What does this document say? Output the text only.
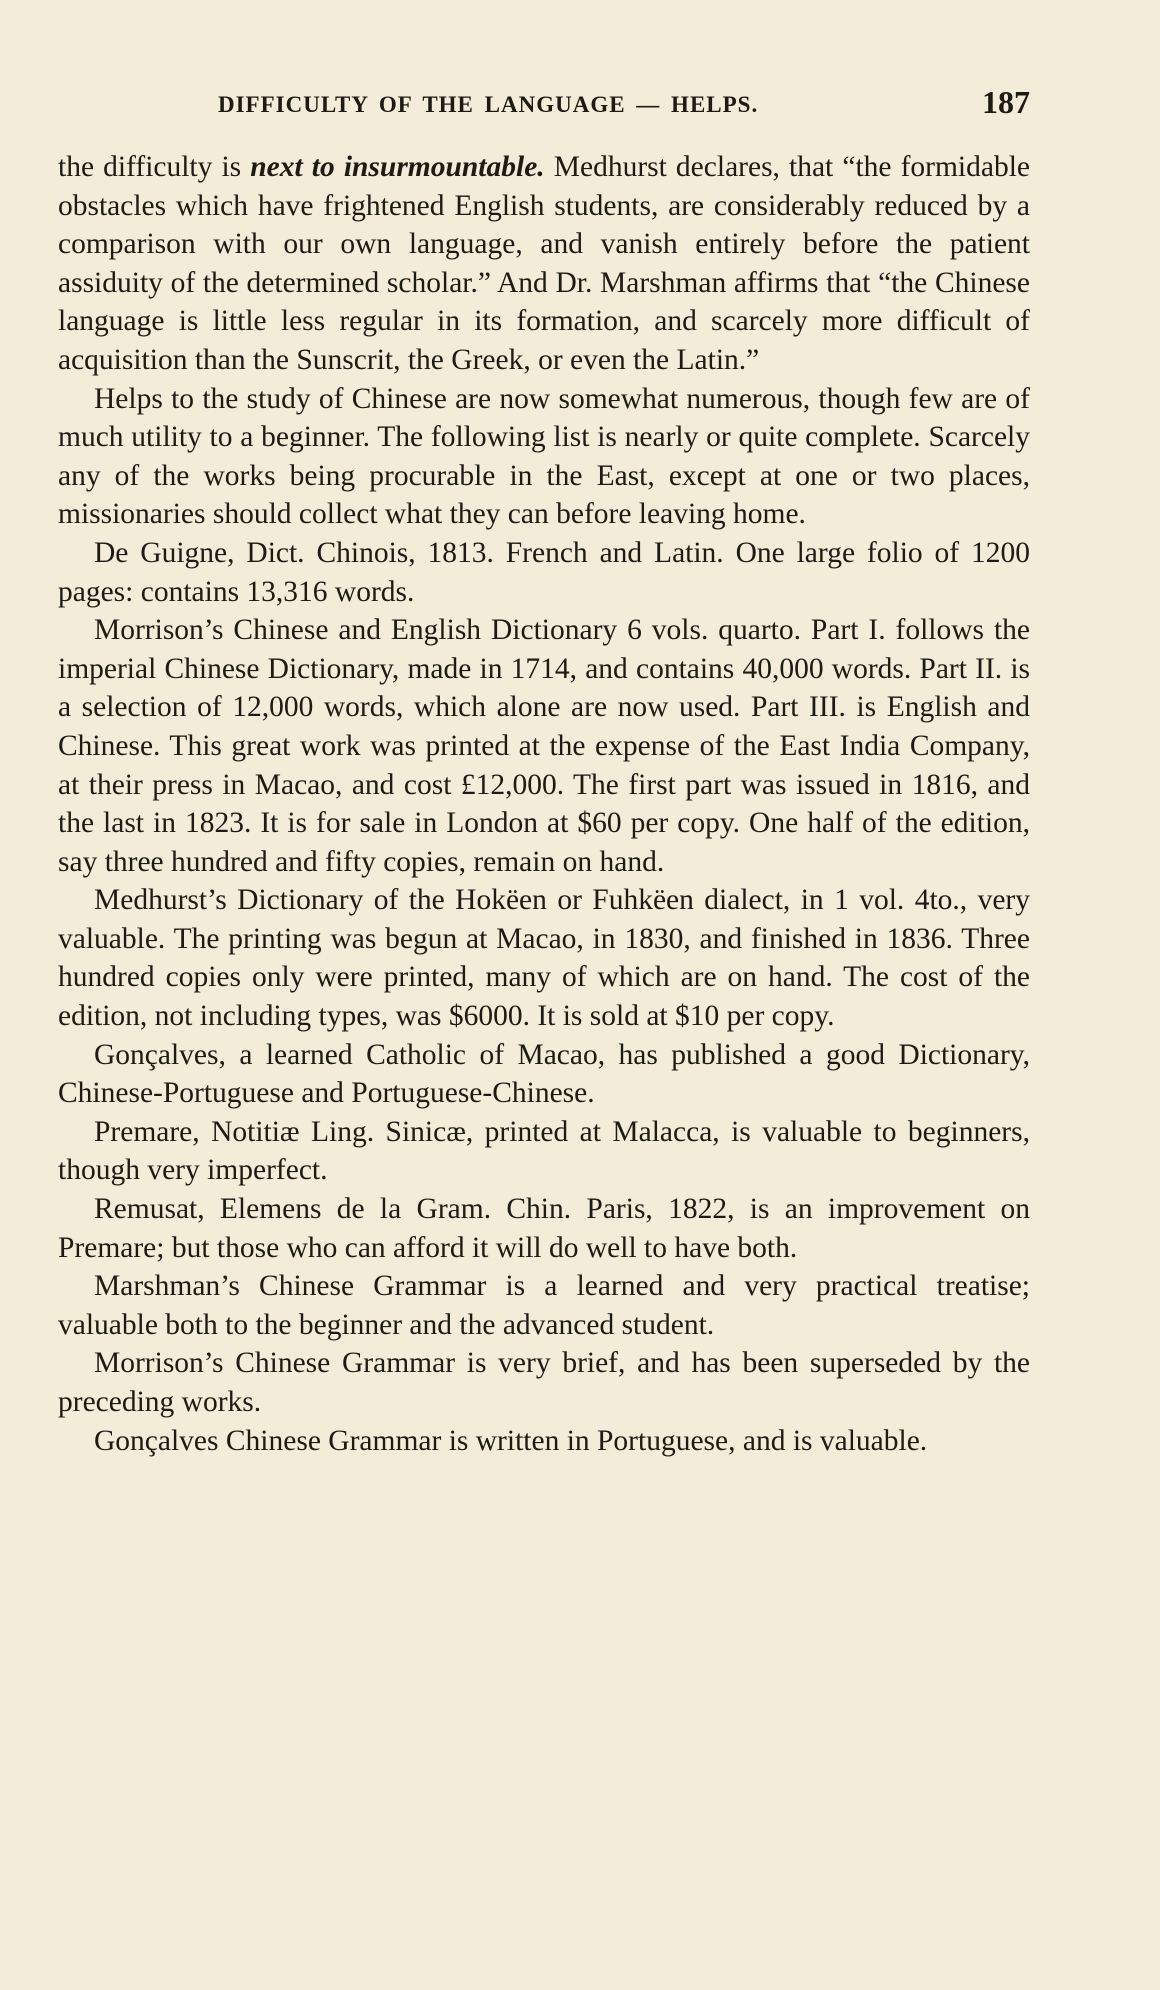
DIFFICULTY OF THE LANGUAGE — HELPS.	187

the difficulty is next to insurmountable. Medhurst declares, that “the formidable obstacles which have frightened English students, are considerably reduced by a comparison with our own language, and vanish entirely before the patient assiduity of the determined scholar.” And Dr. Marshman affirms that “the Chinese language is little less regular in its formation, and scarcely more difficult of acquisition than the Sunscrit, the Greek, or even the Latin.”

Helps to the study of Chinese are now somewhat numerous, though few are of much utility to a beginner. The following list is nearly or quite complete. Scarcely any of the works being procurable in the East, except at one or two places, missionaries should collect what they can before leaving home.

De Guigne, Dict. Chinois, 1813. French and Latin. One large folio of 1200 pages: contains 13,316 words.

Morrison’s Chinese and English Dictionary 6 vols. quarto. Part I. follows the imperial Chinese Dictionary, made in 1714, and contains 40,000 words. Part II. is a selection of 12,000 words, which alone are now used. Part III. is English and Chinese. This great work was printed at the expense of the East India Company, at their press in Macao, and cost £12,000. The first part was issued in 1816, and the last in 1823. It is for sale in London at $60 per copy. One half of the edition, say three hundred and fifty copies, remain on hand.

Medhurst’s Dictionary of the Hokëen or Fuhkëen dialect, in 1 vol. 4to., very valuable. The printing was begun at Macao, in 1830, and finished in 1836. Three hundred copies only were printed, many of which are on hand. The cost of the edition, not including types, was $6000. It is sold at $10 per copy.

Gonçalves, a learned Catholic of Macao, has published a good Dictionary, Chinese-Portuguese and Portuguese-Chinese.

Premare, Notitiæ Ling. Sinicæ, printed at Malacca, is valuable to beginners, though very imperfect.

Remusat, Elemens de la Gram. Chin. Paris, 1822, is an improvement on Premare; but those who can afford it will do well to have both.

Marshman’s Chinese Grammar is a learned and very practical treatise; valuable both to the beginner and the advanced student.

Morrison’s Chinese Grammar is very brief, and has been superseded by the preceding works.

Gonçalves Chinese Grammar is written in Portuguese, and is valuable.
